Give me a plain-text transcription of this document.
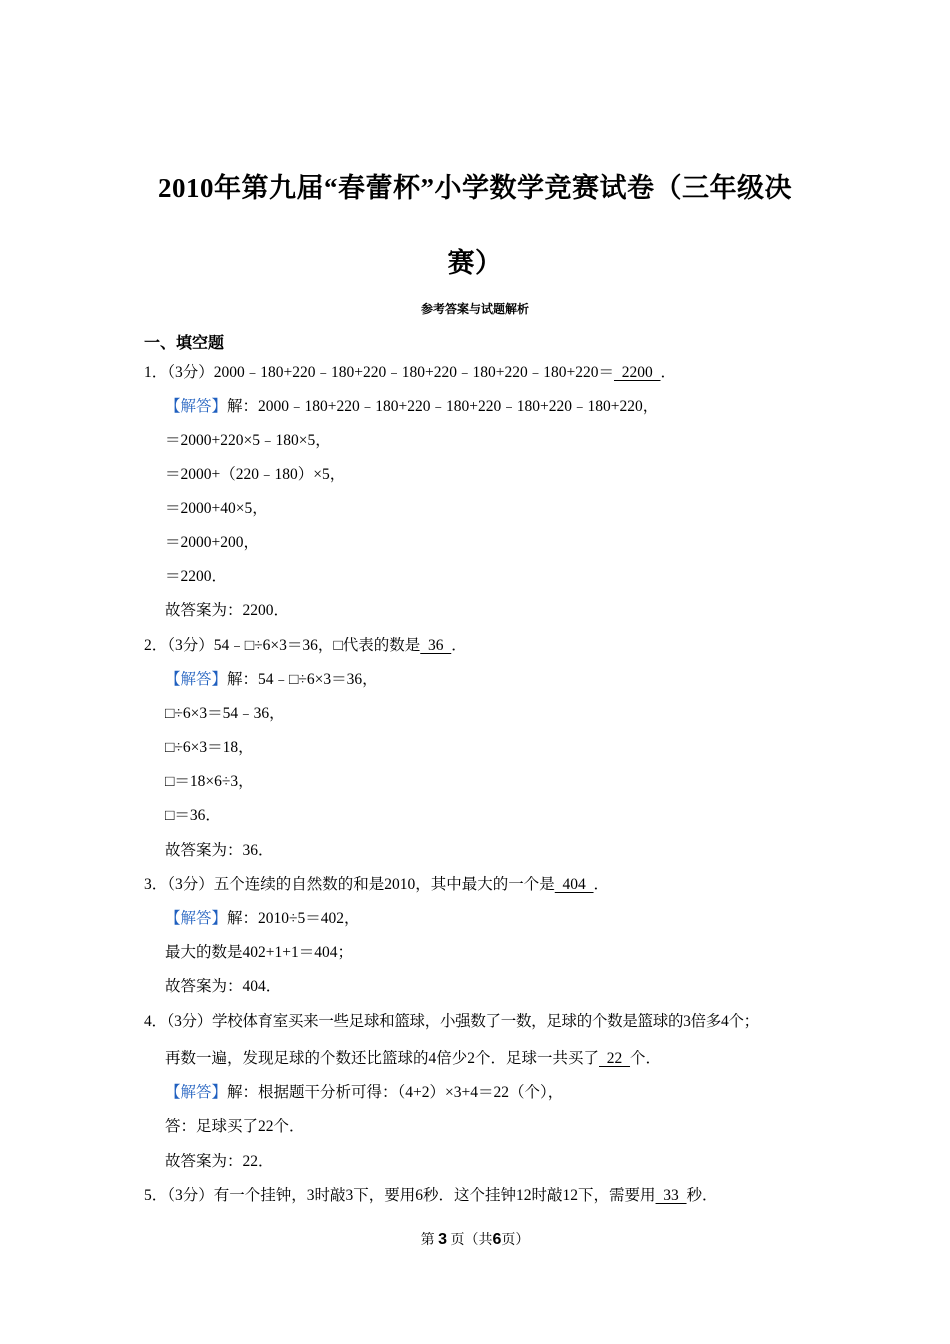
2010年第九届“春蕾杯”小学数学竞赛试卷（三年级决
赛）
参考答案与试题解析
一、填空题
1．（3分）2000﹣180+220﹣180+220﹣180+220﹣180+220﹣180+220＝  2200  ．
【解答】解：2000﹣180+220﹣180+220﹣180+220﹣180+220﹣180+220，
＝2000+220×5﹣180×5，
＝2000+（220﹣180）×5，
＝2000+40×5，
＝2000+200，
＝2200．
故答案为：2200．
2．（3分）54﹣□÷6×3＝36，□代表的数是  36  ．
【解答】解：54﹣□÷6×3＝36，
□÷6×3＝54﹣36，
□÷6×3＝18，
□＝18×6÷3，
□＝36．
故答案为：36．
3．（3分）五个连续的自然数的和是2010，其中最大的一个是  404  ．
【解答】解：2010÷5＝402，
最大的数是402+1+1＝404；
故答案为：404．
4．（3分）学校体育室买来一些足球和篮球，小强数了一数，足球的个数是篮球的3倍多4个；
再数一遍，发现足球的个数还比篮球的4倍少2个．足球一共买了  22  个．
【解答】解：根据题干分析可得：（4+2）×3+4＝22（个），
答：足球买了22个．
故答案为：22．
5．（3分）有一个挂钟，3时敲3下，要用6秒．这个挂钟12时敲12下，需要用  33  秒．
第 3 页（共6页）
